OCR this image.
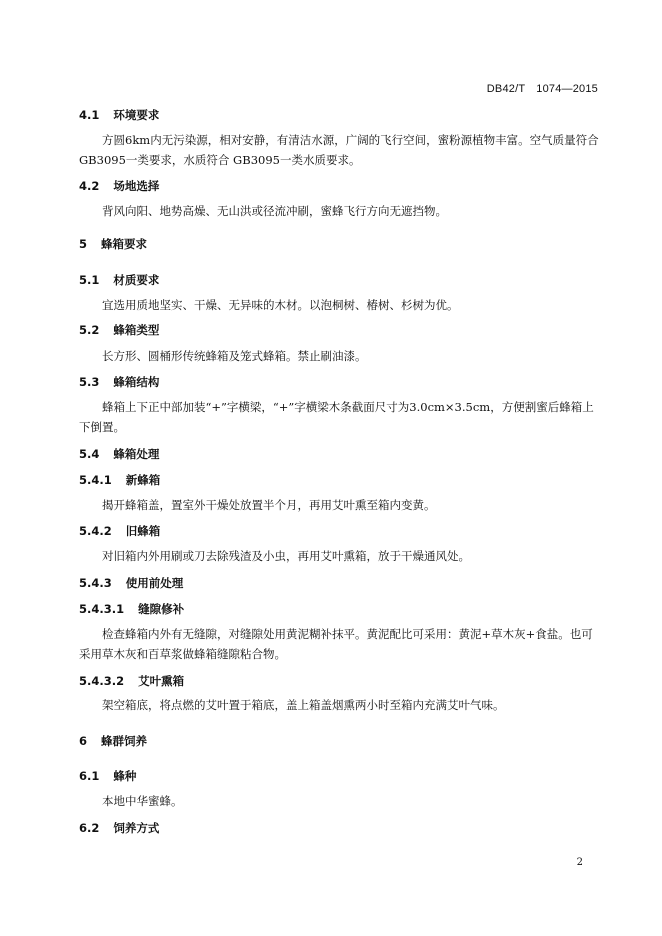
DB42/T　1074—2015
4.1 环境要求
方圆6km内无污染源，相对安静，有清洁水源，广阔的飞行空间，蜜粉源植物丰富。空气质量符合GB3095一类要求，水质符合 GB3095一类水质要求。
4.2 场地选择
背风向阳、地势高燥、无山洪或径流冲刷，蜜蜂飞行方向无遮挡物。
5 蜂箱要求
5.1 材质要求
宜选用质地坚实、干燥、无异味的木材。以泡桐树、椿树、杉树为优。
5.2 蜂箱类型
长方形、圆桶形传统蜂箱及笼式蜂箱。禁止刷油漆。
5.3 蜂箱结构
蜂箱上下正中部加装“+”字横梁，“+”字横梁木条截面尺寸为3.0cm×3.5cm，方便割蜜后蜂箱上下倒置。
5.4 蜂箱处理
5.4.1 新蜂箱
揭开蜂箱盖，置室外干燥处放置半个月，再用艾叶熏至箱内变黄。
5.4.2 旧蜂箱
对旧箱内外用刷或刀去除残渣及小虫，再用艾叶熏箱，放于干燥通风处。
5.4.3 使用前处理
5.4.3.1 缝隙修补
检查蜂箱内外有无缝隙，对缝隙处用黄泥糊补抹平。黄泥配比可采用：黄泥+草木灰+食盐。也可采用草木灰和百草浆做蜂箱缝隙粘合物。
5.4.3.2 艾叶熏箱
架空箱底，将点燃的艾叶置于箱底，盖上箱盖烟熏两小时至箱内充满艾叶气味。
6 蜂群饲养
6.1 蜂种
本地中华蜜蜂。
6.2 饲养方式
2
